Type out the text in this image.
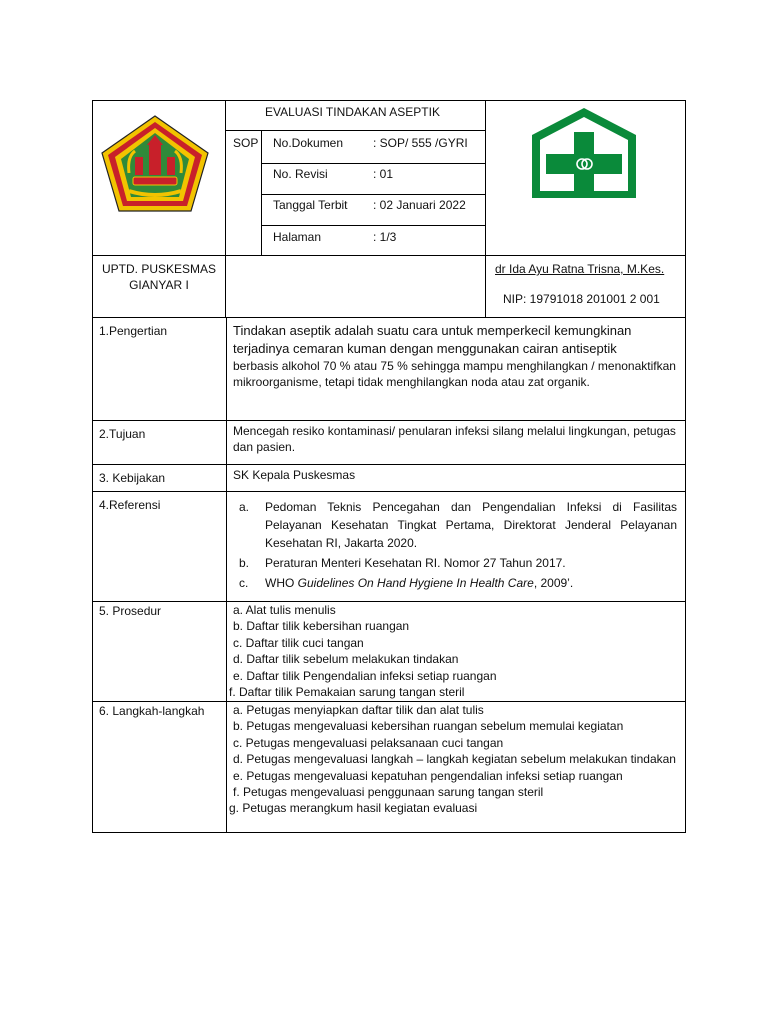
EVALUASI TINDAKAN ASEPTIK
SOP No.Dokumen : SOP/ 555 /GYRI
No. Revisi	: 01
Tanggal Terbit : 02 Januari 2022
Halaman	: 1/3
UPTD. PUSKESMAS
GIANYAR I
dr Ida Ayu Ratna Trisna, M.Kes.
NIP: 19791018 201001 2 001
1.Pengertian	Tindakan aseptik adalah suatu cara untuk memperkecil kemungkinan terjadinya cemaran kuman dengan menggunakan cairan antiseptik

berbasis alkohol 70 % atau 75 % sehingga mampu menghilangkan / menonaktifkan mikroorganisme, tetapi tidak menghilangkan noda atau zat organik.

2.Tujuan	Mencegah resiko kontaminasi/ penularan infeksi silang melalui lingkungan, petugas dan pasien.
3. Kebijakan	SK Kepala Puskesmas
4.Referensi	a. Pedoman Teknis Pencegahan dan Pengendalian Infeksi di Fasilitas Pelayanan Kesehatan Tingkat Pertama, Direktorat Jenderal Pelayanan Kesehatan RI, Jakarta 2020.
b. Peraturan Menteri Kesehatan RI. Nomor 27 Tahun 2017.
c. WHO Guidelines On Hand Hygiene In Health Care, 2009’.
5. Prosedur	a. Alat tulis menulis
b. Daftar tilik kebersihan ruangan
c. Daftar tilik cuci tangan
d. Daftar tilik sebelum melakukan tindakan
e. Daftar tilik Pengendalian infeksi setiap ruangan
f. Daftar tilik Pemakaian sarung tangan steril
6. Langkah-langkah a. Petugas menyiapkan daftar tilik dan alat tulis
b. Petugas mengevaluasi kebersihan ruangan sebelum memulai kegiatan
c. Petugas mengevaluasi pelaksanaan cuci tangan
d. Petugas mengevaluasi langkah – langkah kegiatan sebelum melakukan tindakan
e. Petugas mengevaluasi kepatuhan pengendalian infeksi setiap ruangan
f. Petugas mengevaluasi penggunaan sarung tangan steril
g. Petugas merangkum hasil kegiatan evaluasi
